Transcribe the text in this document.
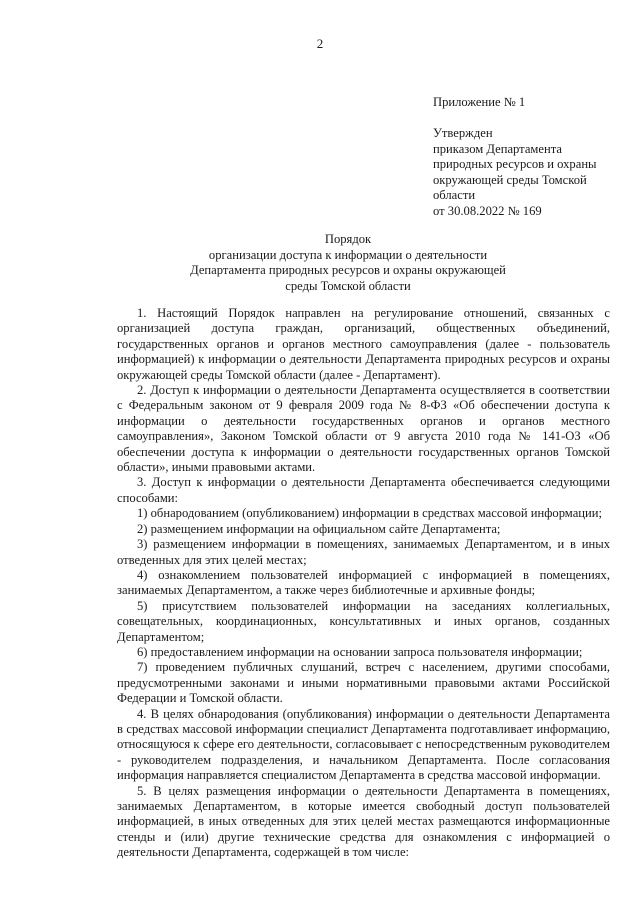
2
Приложение № 1
Утвержден
приказом Департамента
природных ресурсов и охраны
окружающей среды Томской
области
от 30.08.2022 № 169
Порядок
организации доступа к информации о деятельности
Департамента природных ресурсов и охраны окружающей
среды Томской области

1. Настоящий Порядок направлен на регулирование отношений, связанных с организацией доступа граждан, организаций, общественных объединений, государственных органов и органов местного самоуправления (далее - пользователь информацией) к информации о деятельности Департамента природных ресурсов и охраны окружающей среды Томской области (далее - Департамент).

2. Доступ к информации о деятельности Департамента осуществляется в соответствии с Федеральным законом от 9 февраля 2009 года № 8-ФЗ «Об обеспечении доступа к информации о деятельности государственных органов и органов местного самоуправления», Законом Томской области от 9 августа 2010 года № 141-ОЗ «Об обеспечении доступа к информации о деятельности государственных органов Томской области», иными правовыми актами.

3. Доступ к информации о деятельности Департамента обеспечивается следующими способами:

1) обнародованием (опубликованием) информации в средствах массовой информации;

2) размещением информации на официальном сайте Департамента;

3) размещением информации в помещениях, занимаемых Департаментом, и в иных отведенных для этих целей местах;

4) ознакомлением пользователей информацией с информацией в помещениях, занимаемых Департаментом, а также через библиотечные и архивные фонды;

5) присутствием пользователей информации на заседаниях коллегиальных, совещательных, координационных, консультативных и иных органов, созданных Департаментом;

6) предоставлением информации на основании запроса пользователя информации;

7) проведением публичных слушаний, встреч с населением, другими способами, предусмотренными законами и иными нормативными правовыми актами Российской Федерации и Томской области.

4. В целях обнародования (опубликования) информации о деятельности Департамента в средствах массовой информации специалист Департамента подготавливает информацию, относящуюся к сфере его деятельности, согласовывает с непосредственным руководителем - руководителем подразделения, и начальником Департамента. После согласования информация направляется специалистом Департамента в средства массовой информации.

5. В целях размещения информации о деятельности Департамента в помещениях, занимаемых Департаментом, в которые имеется свободный доступ пользователей информацией, в иных отведенных для этих целей местах размещаются информационные стенды и (или) другие технические средства для ознакомления с информацией о деятельности Департамента, содержащей в том числе:
